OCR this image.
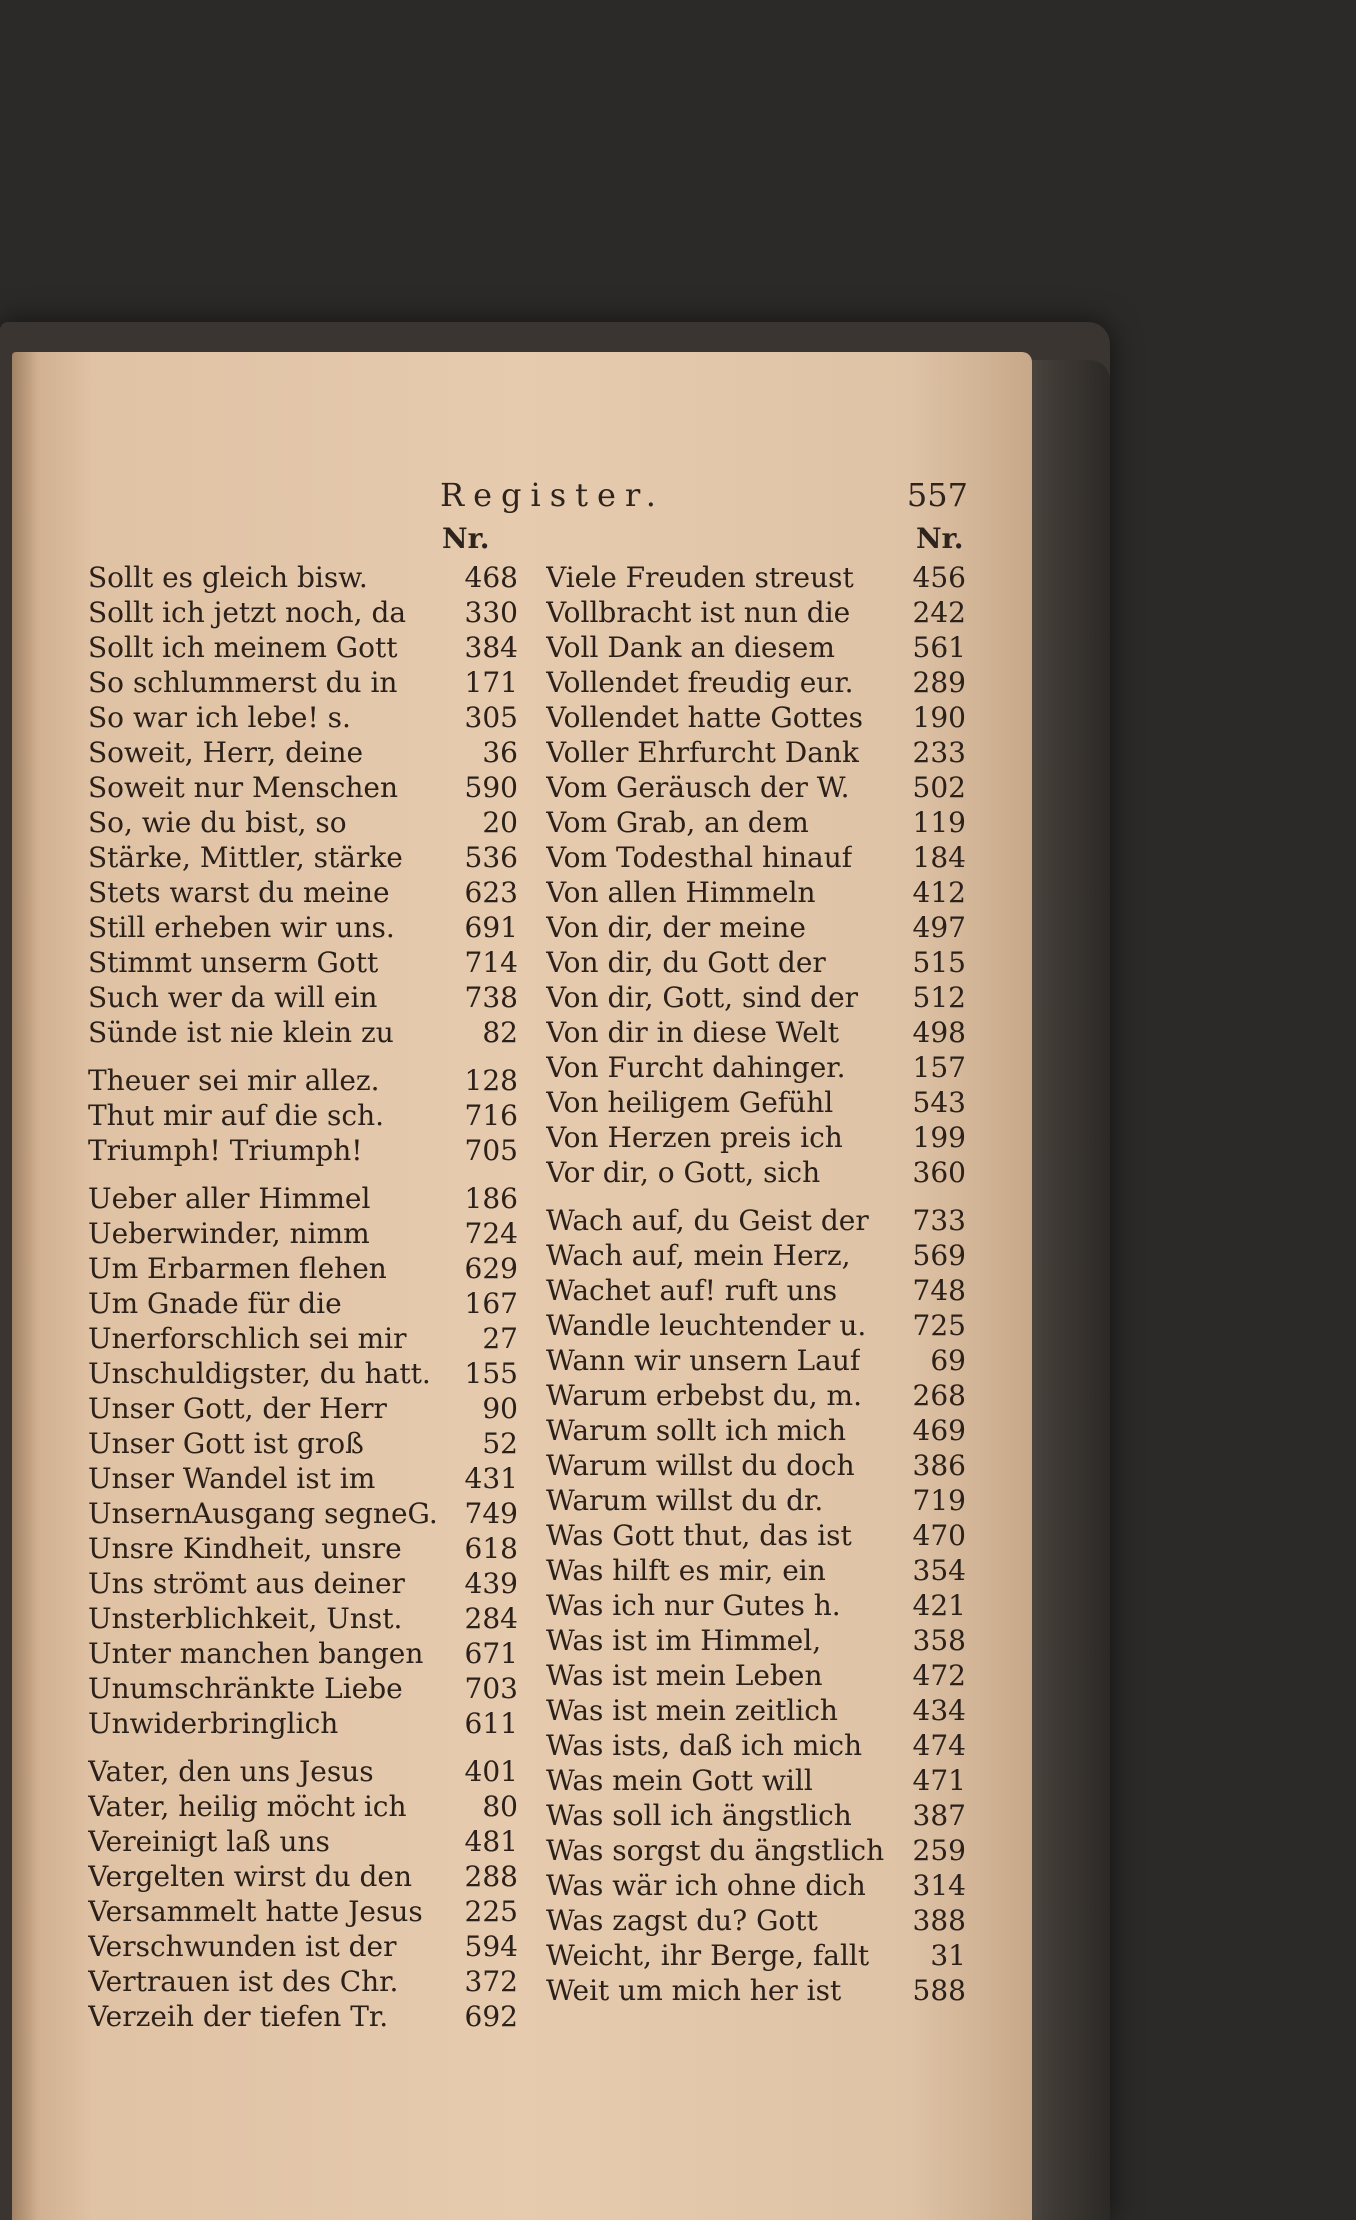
Register.	557
Nr.	Nr.
Sollt es gleich bisw.	468
Sollt ich jetzt noch, da 330
Sollt ich meinem Gott 384
So schlummerst du in 171
So war ich lebe! s.	305
Soweit, Herr, deine	36
Soweit nur Menschen 590
So, wie du bist, so	20
Stärke, Mittler, stärke 536
Stets warst du meine	623
Still erheben wir uns. 691
Stimmt unserm Gott	714
Such wer da will ein	738
Sünde ist nie klein zu	82
Theuer sei mir allez.	128
Thut mir auf die sch.	716
Triumph! Triumph!	705
Ueber aller Himmel	186
Ueberwinder, nimm	724
Um Erbarmen flehen	629
Um Gnade für die	167
Unerforschlich sei mir	27
Unschuldigster, du hatt. 155
Unser Gott, der Herr	90
Unser Gott ist groß	52
Unser Wandel ist im	431
UnsernAusgang segneG. 749
Unsre Kindheit, unsre 618
Uns strömt aus deiner 439
Unsterblichkeit, Unst. 284
Unter manchen bangen 671
Unumschränkte Liebe 703
Unwiderbringlich	611
Vater, den uns Jesus	401
Vater, heilig möcht ich	80
Vereinigt laß uns	481
Vergelten wirst du den 288
Versammelt hatte Jesus 225
Verschwunden ist der 594
Vertrauen ist des Chr. 372
Verzeih der tiefen Tr.	692
Viele Freuden streust 456
Vollbracht ist nun die 242
Voll Dank an diesem	561
Vollendet freudig eur. 289
Vollendet hatte Gottes 190
Voller Ehrfurcht Dank 233
Vom Geräusch der W. 502
Vom Grab, an dem	119
Vom Todesthal hinauf 184
Von allen Himmeln	412
Von dir, der meine	497
Von dir, du Gott der	515
Von dir, Gott, sind der 512
Von dir in diese Welt	498
Von Furcht dahinger. 157
Von heiligem Gefühl	543
Von Herzen preis ich 199
Vor dir, o Gott, sich	360
Wach auf, du Geist der 733
Wach auf, mein Herz, 569
Wachet auf! ruft uns	748
Wandle leuchtender u. 725
Wann wir unsern Lauf	69
Warum erbebst du, m. 268
Warum sollt ich mich 469
Warum willst du doch 386
Warum willst du dr.	719
Was Gott thut, das ist 470
Was hilft es mir, ein	354
Was ich nur Gutes h.	421
Was ist im Himmel,	358
Was ist mein Leben	472
Was ist mein zeitlich	434
Was ists, daß ich mich 474
Was mein Gott will	471
Was soll ich ängstlich 387
Was sorgst du ängstlich 259
Was wär ich ohne dich 314
Was zagst du? Gott	388
Weicht, ihr Berge, fallt	31
Weit um mich her ist	588
